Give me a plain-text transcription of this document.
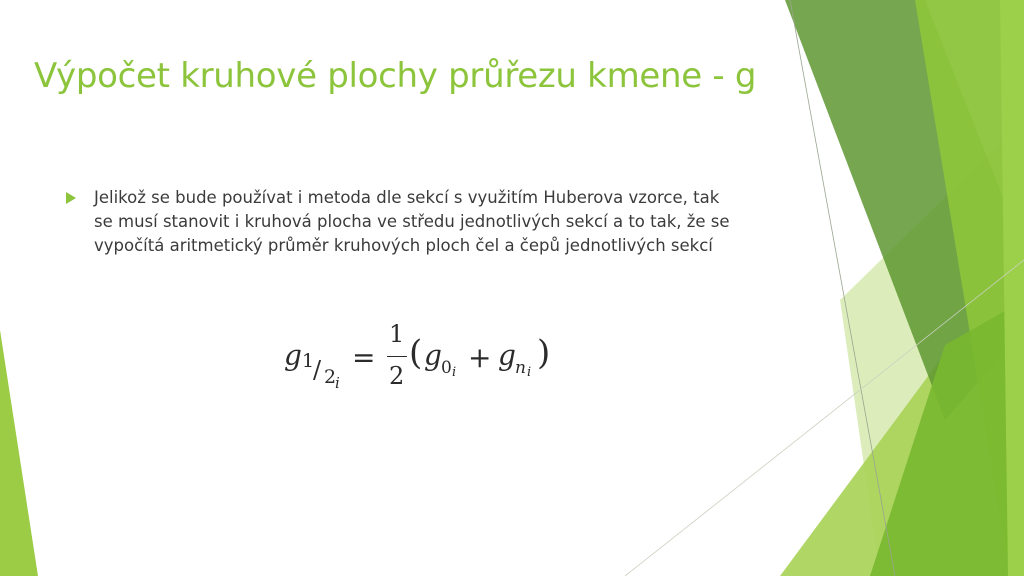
Výpočet kruhové plochy průřezu kmene - g
Jelikož se bude používat i metoda dle sekcí s využitím Huberova vzorce, tak
se musí stanovit i kruhová plocha ve středu jednotlivých sekcí a to tak, že se
vypočítá aritmetický průměr kruhových ploch čel a čepů jednotlivých sekcí
g 1
/ 2
i
=
1
2
( g 0 i + g n i )
